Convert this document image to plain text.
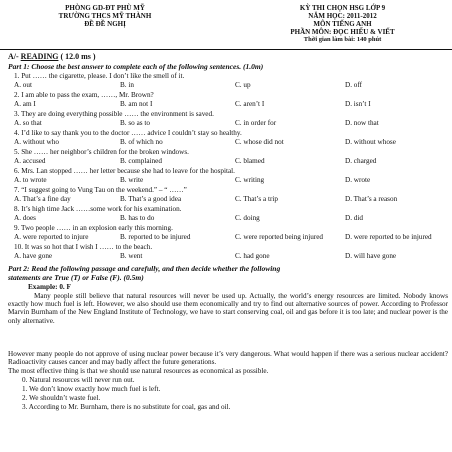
PHÒNG GD-ĐT PHÙ MỸ
TRƯỜNG THCS MỸ THÀNH
ĐỀ ĐỀ NGHỊ
KỲ THI CHỌN HSG LỚP 9
NĂM HỌC: 2011-2012
MÔN TIẾNG ANH
PHẦN MÔN: ĐỌC HIỂU & VIẾT
Thời gian làm bài: 140 phút
A/- READING ( 12.0 ms )
Part 1: Choose the best answer to complete each of the following sentences. (1.0m)
1. Put …… the cigarette, please. I don’t like the smell of it.
A. out	B. in	C. up	D. off
2. I am able to pass the exam, ……, Mr. Brown?
A. am I	B. am not I	C. aren’t I	D. isn’t I
3. They are doing everything possible …… the environment is saved.
A. so that	B. so as to	C. in order for	D. now that
4. I’d like to say thank you to the doctor …… advice I couldn’t stay so healthy.
A. without who	B. of which no	C. whose did not	D. without whose
5. She …… her neighbor’s children for the broken windows.
A. accused	B. complained	C. blamed	D. charged
6. Mrs. Lan stopped …… her letter because she had to leave for the hospital.
A. to wrote	B. write	C. writing	D. wrote
7. “I suggest going to Vung Tau on the weekend.” – “ ……”
A. That’s a fine day	B. That’s a good idea	C. That’s a trip	D. That’s a reason
8. It’s high time Jack ……some work for his examination.
A. does	B. has to do	C. doing	D. did
9. Two people …… in an explosion early this morning.
A. were reported to injure	B. reported to be injured	C. were reported being injured	D. were reported to be injured
10. It was so hot that I wish I …… to the beach.
A. have gone	B. went	C. had gone	D. will have gone
Part 2: Read the following passage and carefully, and then decide whether the following
statements are True (T) or False (F). (0.5m)
Example: 0. F
Many people still believe that natural resources will never be used up. Actually, the world’s energy resources are limited. Nobody knows exactly how much fuel is left. However, we also should use them economically and try to find out alternative sources of power. According to Professor Marvin Burnham of the New England Institute of Technology, we have to start conserving coal, oil and gas before it is too late; and nuclear power is the only alternative.
However many people do not approve of using nuclear power because it’s very dangerous. What would happen if there was a serious nuclear accident? Radioactivity causes cancer and may badly affect the future generations.
The most effective thing is that we should use natural resources as economical as possible.
0. Natural resources will never run out.
1. We don’t know exactly how much fuel is left.
2. We shouldn’t waste fuel.
3. According to Mr. Burnham, there is no substitute for coal, gas and oil.
